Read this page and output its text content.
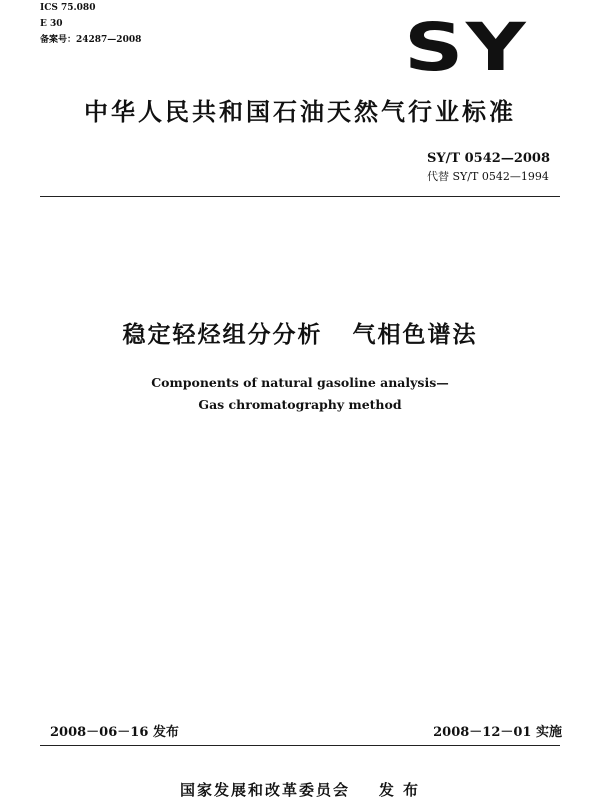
ICS 75.080
E 30
备案号：24287—2008	SY
中华人民共和国石油天然气行业标准
SY/T 0542—2008
代替 SY/T 0542—1994
稳定轻烃组分分析   气相色谱法
Components of natural gasoline analysis—
Gas chromatography method
2008－06－16 发布	2008－12－01 实施
国家发展和改革委员会    发 布
